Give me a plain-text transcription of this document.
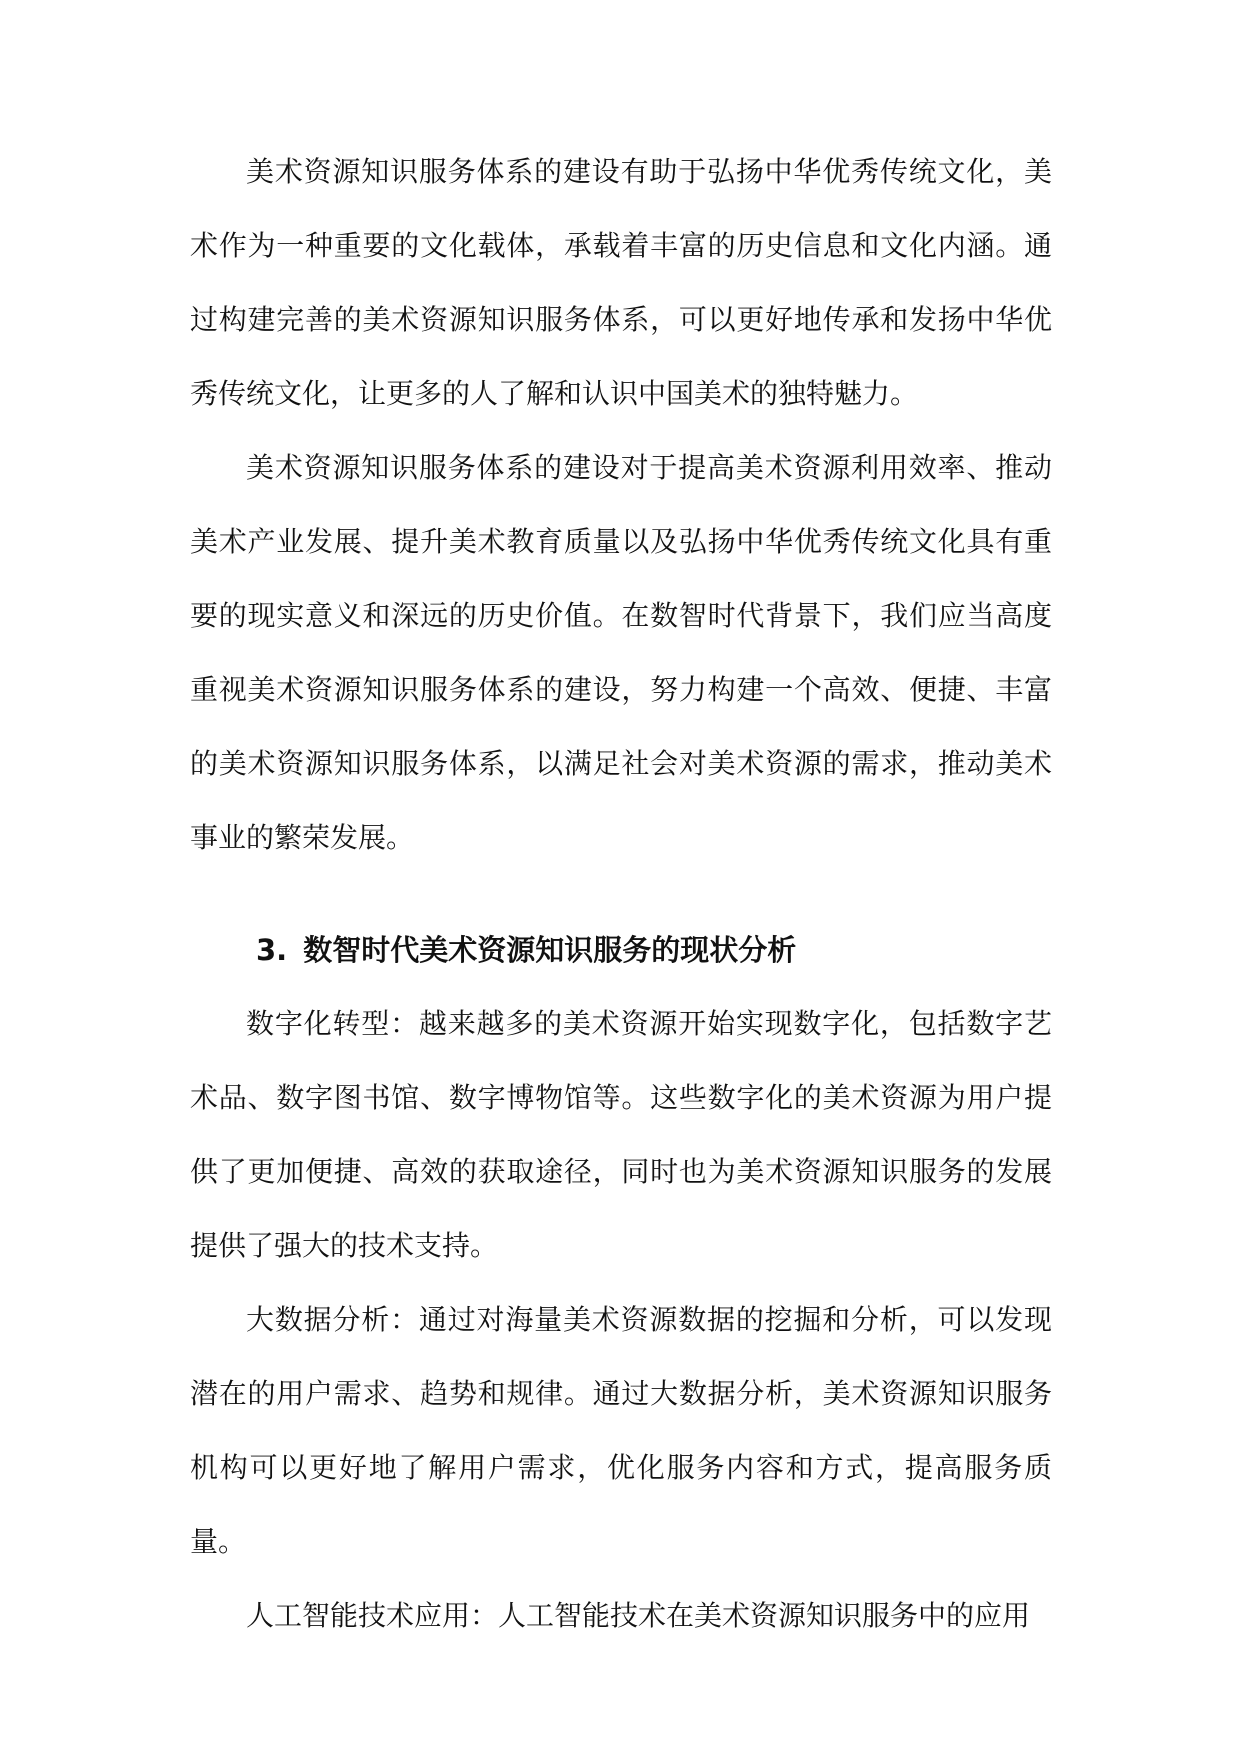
美术资源知识服务体系的建设有助于弘扬中华优秀传统文化，美术作为一种重要的文化载体，承载着丰富的历史信息和文化内涵。通过构建完善的美术资源知识服务体系，可以更好地传承和发扬中华优秀传统文化，让更多的人了解和认识中国美术的独特魅力。

美术资源知识服务体系的建设对于提高美术资源利用效率、推动美术产业发展、提升美术教育质量以及弘扬中华优秀传统文化具有重要的现实意义和深远的历史价值。在数智时代背景下，我们应当高度重视美术资源知识服务体系的建设，努力构建一个高效、便捷、丰富的美术资源知识服务体系，以满足社会对美术资源的需求，推动美术事业的繁荣发展。

3. 数智时代美术资源知识服务的现状分析

数字化转型：越来越多的美术资源开始实现数字化，包括数字艺术品、数字图书馆、数字博物馆等。这些数字化的美术资源为用户提供了更加便捷、高效的获取途径，同时也为美术资源知识服务的发展提供了强大的技术支持。

大数据分析：通过对海量美术资源数据的挖掘和分析，可以发现潜在的用户需求、趋势和规律。通过大数据分析，美术资源知识服务机构可以更好地了解用户需求，优化服务内容和方式，提高服务质量。

人工智能技术应用：人工智能技术在美术资源知识服务中的应用
